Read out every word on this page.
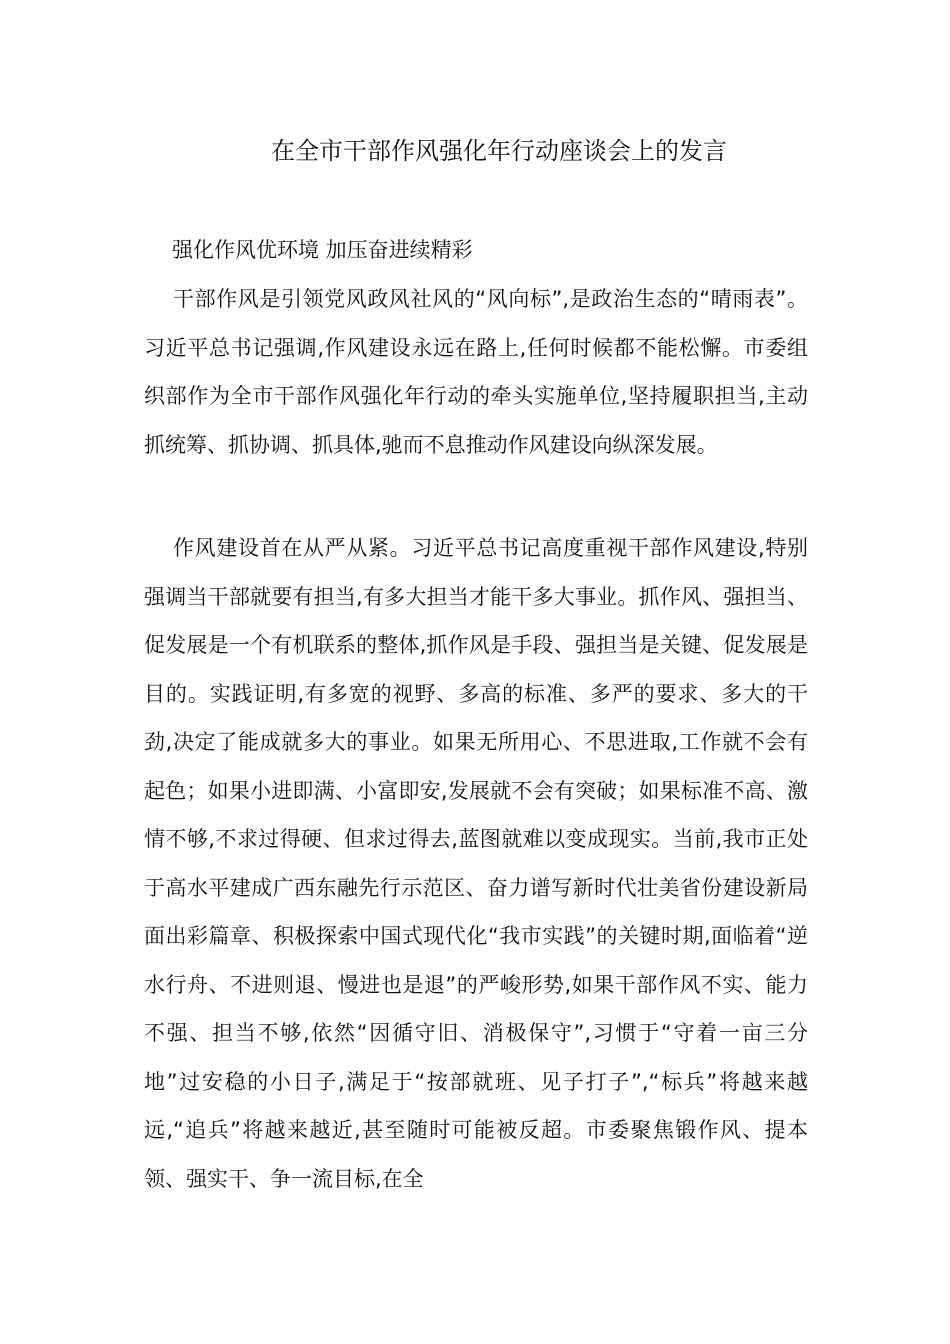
在全市干部作风强化年行动座谈会上的发言
强化作风优环境 加压奋进续精彩

干部作风是引领党风政风社风的“风向标”,是政治生态的“晴雨表”。习近平总书记强调,作风建设永远在路上,任何时候都不能松懈。市委组织部作为全市干部作风强化年行动的牵头实施单位,坚持履职担当,主动抓统筹、抓协调、抓具体,驰而不息推动作风建设向纵深发展。

作风建设首在从严从紧。习近平总书记高度重视干部作风建设,特别强调当干部就要有担当,有多大担当才能干多大事业。抓作风、强担当、促发展是一个有机联系的整体,抓作风是手段、强担当是关键、促发展是目的。实践证明,有多宽的视野、多高的标准、多严的要求、多大的干劲,决定了能成就多大的事业。如果无所用心、不思进取,工作就不会有起色；如果小进即满、小富即安,发展就不会有突破；如果标准不高、激情不够,不求过得硬、但求过得去,蓝图就难以变成现实。当前,我市正处于高水平建成广西东融先行示范区、奋力谱写新时代壮美省份建设新局面出彩篇章、积极探索中国式现代化“我市实践”的关键时期,面临着“逆水行舟、不进则退、慢进也是退”的严峻形势,如果干部作风不实、能力不强、担当不够,依然“因循守旧、消极保守”,习惯于“守着一亩三分地”过安稳的小日子,满足于“按部就班、见子打子”,“标兵”将越来越远,“追兵”将越来越近,甚至随时可能被反超。市委聚焦锻作风、提本领、强实干、争一流目标,在全
